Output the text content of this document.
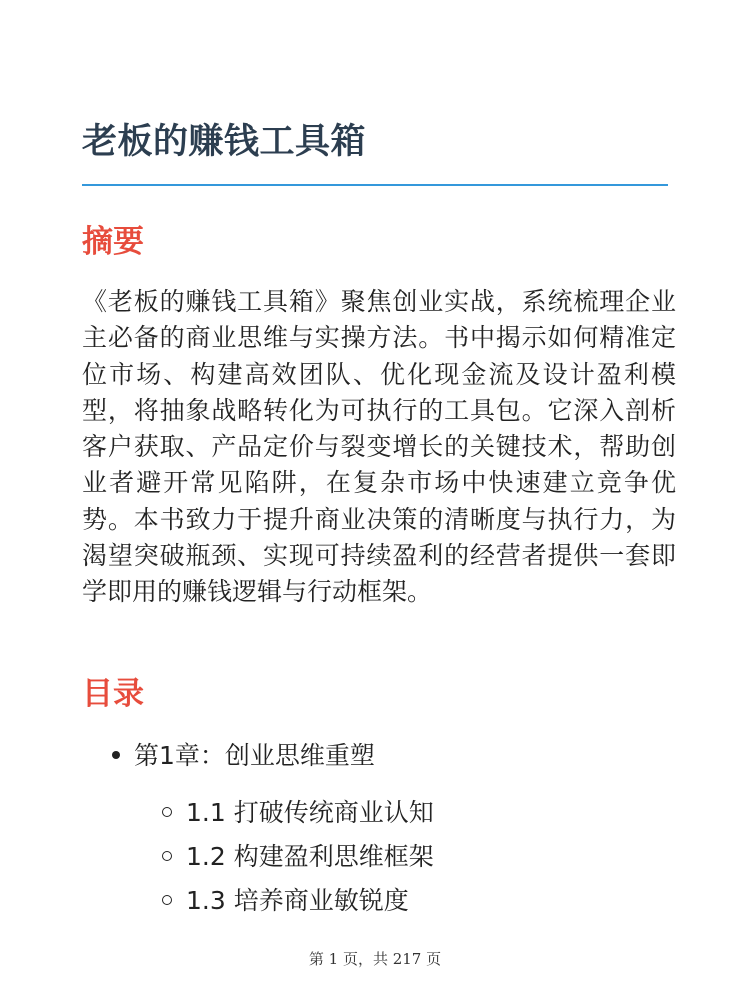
老板的赚钱工具箱
摘要

《老板的赚钱工具箱》聚焦创业实战，系统梳理企业主必备的商业思维与实操方法。书中揭示如何精准定位市场、构建高效团队、优化现金流及设计盈利模型，将抽象战略转化为可执行的工具包。它深入剖析客户获取、产品定价与裂变增长的关键技术，帮助创业者避开常见陷阱，在复杂市场中快速建立竞争优势。本书致力于提升商业决策的清晰度与执行力，为渴望突破瓶颈、实现可持续盈利的经营者提供一套即学即用的赚钱逻辑与行动框架。

目录
第1章：创业思维重塑
1.1 打破传统商业认知
1.2 构建盈利思维框架
1.3 培养商业敏锐度
第 1 页，共 217 页
